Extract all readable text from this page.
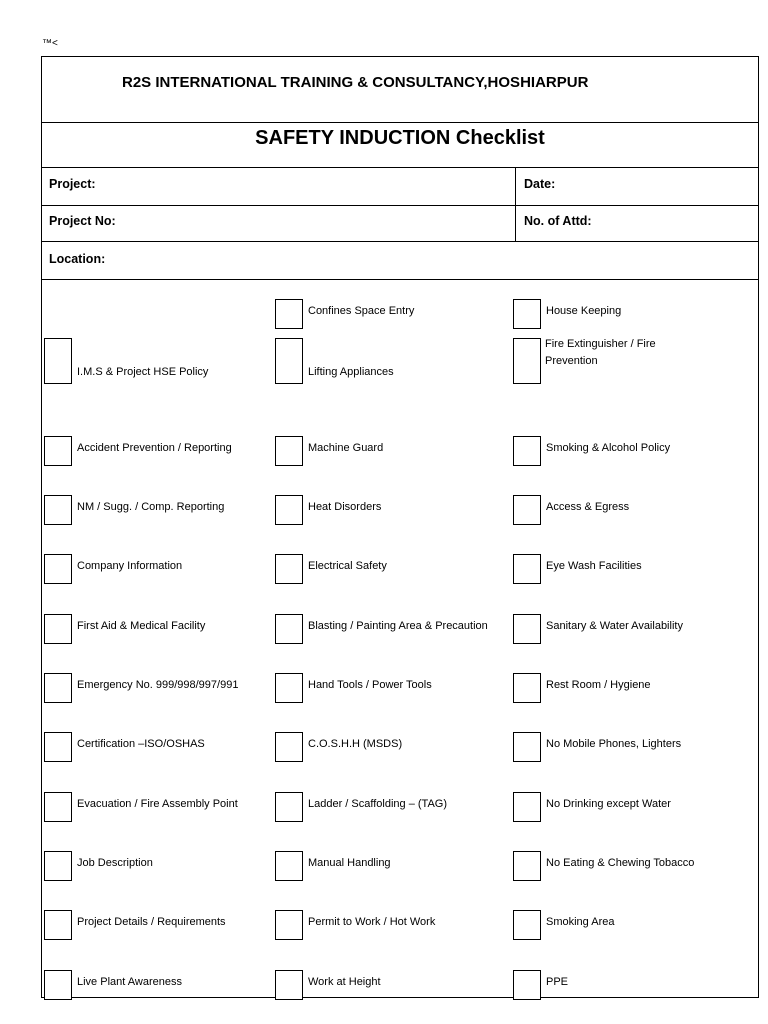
™<
R2S INTERNATIONAL TRAINING & CONSULTANCY,HOSHIARPUR
SAFETY INDUCTION Checklist
Project:	Date:
Project No:	No. of Attd:
Location:
I.M.S & Project HSE Policy
Accident Prevention / Reporting
NM / Sugg. / Comp. Reporting
Company Information
First Aid & Medical Facility
Emergency No. 999/998/997/991
Certification –ISO/OSHAS
Evacuation / Fire Assembly Point
Job Description
Project Details / Requirements
Live Plant Awareness
Confines Space Entry
Lifting Appliances
Machine Guard
Heat Disorders
Electrical Safety
Blasting / Painting Area & Precaution
Hand Tools / Power Tools
C.O.S.H.H (MSDS)
Ladder / Scaffolding – (TAG)
Manual Handling
Permit to Work / Hot Work
Work at Height
House Keeping
Fire Extinguisher / Fire Prevention
Smoking & Alcohol Policy
Access & Egress
Eye Wash Facilities
Sanitary & Water Availability
Rest Room / Hygiene
No Mobile Phones, Lighters
No Drinking except Water
No Eating & Chewing Tobacco
Smoking Area
PPE
